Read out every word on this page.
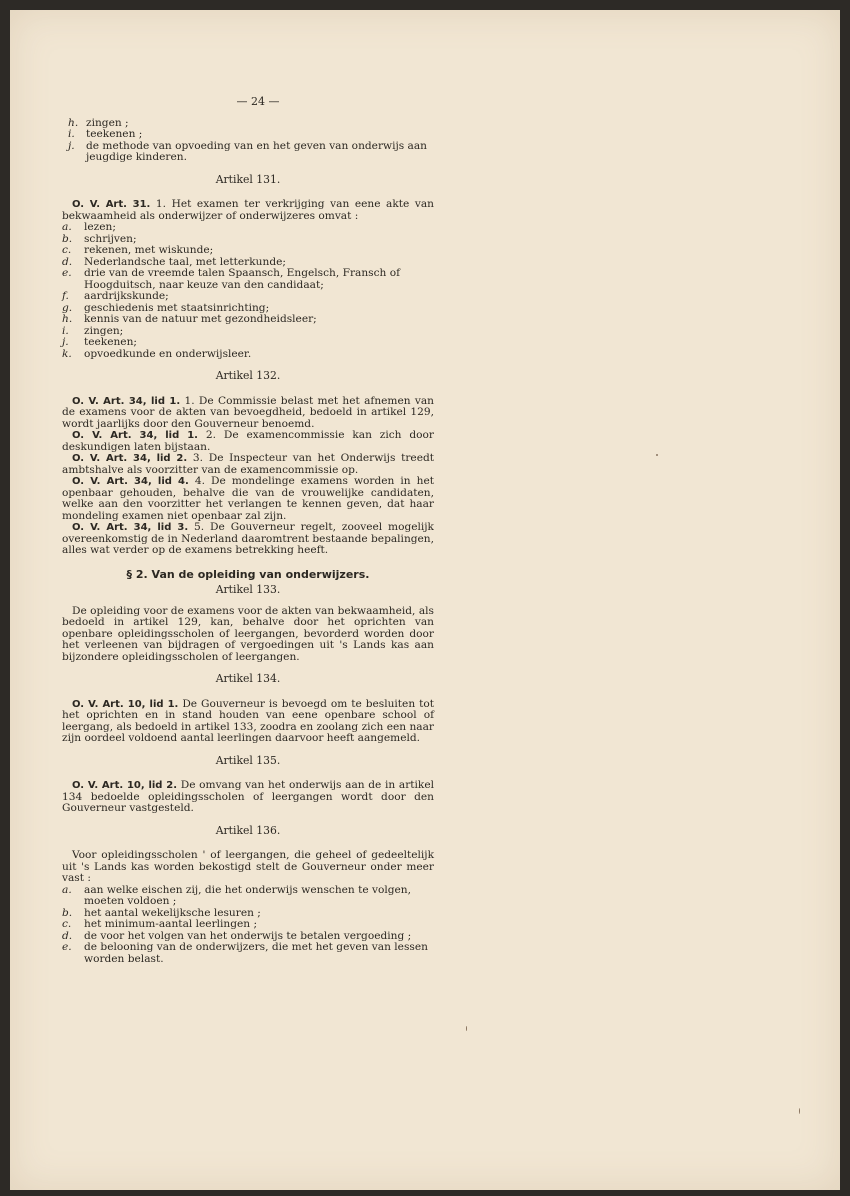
— 24 —
h. zingen ;
i. teekenen ;
j. de methode van opvoeding van en het geven van onderwijs aan jeugdige kinderen.
Artikel 131.
O. V. Art. 31. 1. Het examen ter verkrijging van eene akte van bekwaamheid als onderwijzer of onderwijzeres omvat :
a. lezen;
b. schrijven;
c. rekenen, met wiskunde;
d. Nederlandsche taal, met letterkunde;
e. drie van de vreemde talen Spaansch, Engelsch, Fransch of Hoogduitsch, naar keuze van den candidaat;
f. aardrijkskunde;
g. geschiedenis met staatsinrichting;
h. kennis van de natuur met gezondheidsleer;
i. zingen;
j. teekenen;
k. opvoedkunde en onderwijsleer.
Artikel 132.
O. V. Art. 34, lid 1. 1. De Commissie belast met het afnemen van de examens voor de akten van bevoegdheid, bedoeld in artikel 129, wordt jaarlijks door den Gouverneur benoemd.
O. V. Art. 34, lid 1. 2. De examencommissie kan zich door deskundigen laten bijstaan.
O. V. Art. 34, lid 2. 3. De Inspecteur van het Onderwijs treedt ambtshalve als voorzitter van de examencommissie op.
O. V. Art. 34, lid 4. 4. De mondelinge examens worden in het openbaar gehouden, behalve die van de vrouwelijke candidaten, welke aan den voorzitter het verlangen te kennen geven, dat haar mondeling examen niet openbaar zal zijn.
O. V. Art. 34, lid 3. 5. De Gouverneur regelt, zooveel mogelijk overeenkomstig de in Nederland daaromtrent bestaande bepalingen, alles wat verder op de examens betrekking heeft.
§ 2. Van de opleiding van onderwijzers.
Artikel 133.
De opleiding voor de examens voor de akten van bekwaamheid, als bedoeld in artikel 129, kan, behalve door het oprichten van openbare opleidingsscholen of leergangen, bevorderd worden door het verleenen van bijdragen of vergoedingen uit 's Lands kas aan bijzondere opleidingsscholen of leergangen.
Artikel 134.
O. V. Art. 10, lid 1. De Gouverneur is bevoegd om te besluiten tot het oprichten en in stand houden van eene openbare school of leergang, als bedoeld in artikel 133, zoodra en zoolang zich een naar zijn oordeel voldoend aantal leerlingen daarvoor heeft aangemeld.
Artikel 135.
O. V. Art. 10, lid 2. De omvang van het onderwijs aan de in artikel 134 bedoelde opleidingsscholen of leergangen wordt door den Gouverneur vastgesteld.
Artikel 136.
Voor opleidingsscholen ' of leergangen, die geheel of gedeeltelijk uit 's Lands kas worden bekostigd stelt de Gouverneur onder meer vast :
a. aan welke eischen zij, die het onderwijs wenschen te volgen, moeten voldoen ;
b. het aantal wekelijksche lesuren ;
c. het minimum-aantal leerlingen ;
d. de voor het volgen van het onderwijs te betalen vergoeding ;
e. de belooning van de onderwijzers, die met het geven van lessen worden belast.
